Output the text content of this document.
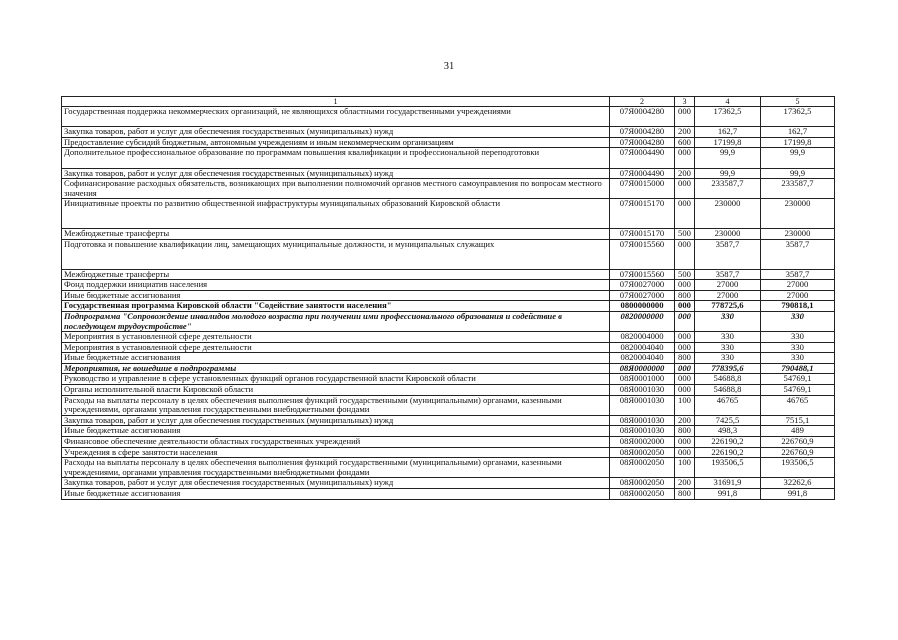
31
1	2	3	4	5
Государственная поддержка некоммерческих организаций, не являющихся областными государственными учреждениями	07Я0004280	000	17362,5	17362,5
Закупка товаров, работ и услуг для обеспечения государственных (муниципальных) нужд	07Я0004280	200	162,7	162,7
Предоставление субсидий бюджетным, автономным учреждениям и иным некоммерческим организациям	07Я0004280	600	17199,8	17199,8
Дополнительное профессиональное образование по программам повышения квалификации и профессиональной переподготовки	07Я0004490	000	99,9	99,9
Закупка товаров, работ и услуг для обеспечения государственных (муниципальных) нужд	07Я0004490	200	99,9	99,9
Софинансирование расходных обязательств, возникающих при выполнении полномочий органов местного самоуправления по вопросам местного значения	07Я0015000	000	233587,7	233587,7
Инициативные проекты по развитию общественной инфраструктуры муниципальных образований Кировской области	07Я0015170	000	230000	230000
Межбюджетные трансферты	07Я0015170	500	230000	230000
Подготовка и повышение квалификации лиц, замещающих муниципальные должности, и муниципальных служащих	07Я0015560	000	3587,7	3587,7
Межбюджетные трансферты	07Я0015560	500	3587,7	3587,7
Фонд поддержки инициатив населения	07Я0027000	000	27000	27000
Иные бюджетные ассигнования	07Я0027000	800	27000	27000
Государственная программа Кировской области "Содействие занятости населения"	0800000000	000	778725,6	790818,1
Подпрограмма "Сопровождение инвалидов молодого возраста при получении ими профессионального образования и содействие в последующем трудоустройстве"	0820000000	000	330	330
Мероприятия в установленной сфере деятельности	0820004000	000	330	330
Мероприятия в установленной сфере деятельности	0820004040	000	330	330
Иные бюджетные ассигнования	0820004040	800	330	330
Мероприятия, не вошедшие в подпрограммы	08Я0000000	000	778395,6	790488,1
Руководство и управление в сфере установленных функций органов государственной власти Кировской области	08Я0001000	000	54688,8	54769,1
Органы исполнительной власти Кировской области	08Я0001030	000	54688,8	54769,1
Расходы на выплаты персоналу в целях обеспечения выполнения функций государственными (муниципальными) органами, казенными учреждениями, органами управления государственными внебюджетными фондами	08Я0001030	100	46765	46765
Закупка товаров, работ и услуг для обеспечения государственных (муниципальных) нужд	08Я0001030	200	7425,5	7515,1
Иные бюджетные ассигнования	08Я0001030	800	498,3	489
Финансовое обеспечение деятельности областных государственных учреждений	08Я0002000	000	226190,2	226760,9
Учреждения в сфере занятости населения	08Я0002050	000	226190,2	226760,9
Расходы на выплаты персоналу в целях обеспечения выполнения функций государственными (муниципальными) органами, казенными учреждениями, органами управления государственными внебюджетными фондами	08Я0002050	100	193506,5	193506,5
Закупка товаров, работ и услуг для обеспечения государственных (муниципальных) нужд	08Я0002050	200	31691,9	32262,6
Иные бюджетные ассигнования	08Я0002050	800	991,8	991,8
